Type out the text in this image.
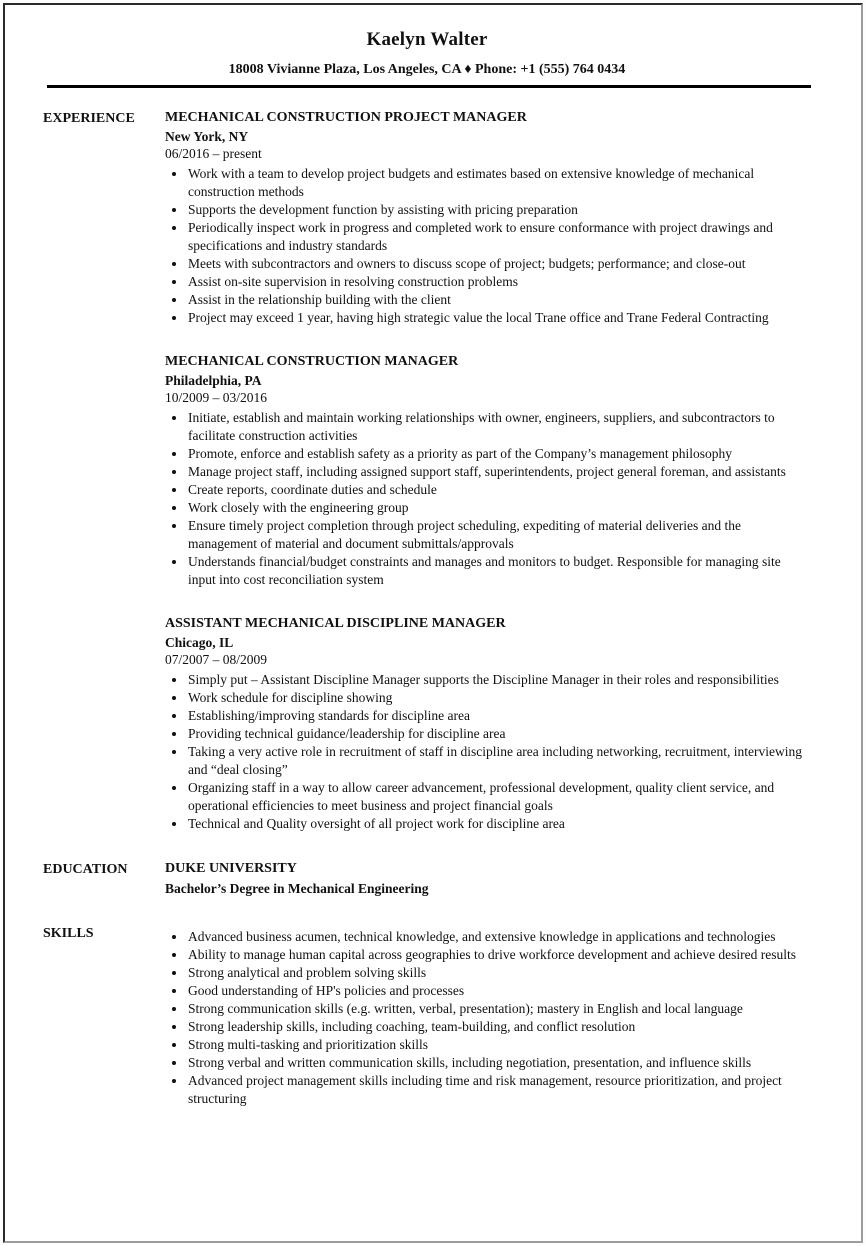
Kaelyn Walter
18008 Vivianne Plaza, Los Angeles, CA ♦ Phone: +1 (555) 764 0434
EXPERIENCE	MECHANICAL CONSTRUCTION PROJECT MANAGER
New York, NY
06/2016 – present
• Work with a team to develop project budgets and estimates based on extensive knowledge of mechanical construction methods
• Supports the development function by assisting with pricing preparation
• Periodically inspect work in progress and completed work to ensure conformance with project drawings and specifications and industry standards
• Meets with subcontractors and owners to discuss scope of project; budgets; performance; and close-out
• Assist on-site supervision in resolving construction problems
• Assist in the relationship building with the client
• Project may exceed 1 year, having high strategic value the local Trane office and Trane Federal Contracting
MECHANICAL CONSTRUCTION MANAGER
Philadelphia, PA
10/2009 – 03/2016
• Initiate, establish and maintain working relationships with owner, engineers, suppliers, and subcontractors to facilitate construction activities
• Promote, enforce and establish safety as a priority as part of the Company’s management philosophy
• Manage project staff, including assigned support staff, superintendents, project general foreman, and assistants
• Create reports, coordinate duties and schedule
• Work closely with the engineering group
• Ensure timely project completion through project scheduling, expediting of material deliveries and the management of material and document submittals/approvals
• Understands financial/budget constraints and manages and monitors to budget. Responsible for managing site input into cost reconciliation system
ASSISTANT MECHANICAL DISCIPLINE MANAGER
Chicago, IL
07/2007 – 08/2009
• Simply put – Assistant Discipline Manager supports the Discipline Manager in their roles and responsibilities
• Work schedule for discipline showing
• Establishing/improving standards for discipline area
• Providing technical guidance/leadership for discipline area
• Taking a very active role in recruitment of staff in discipline area including networking, recruitment, interviewing and “deal closing”
• Organizing staff in a way to allow career advancement, professional development, quality client service, and operational efficiencies to meet business and project financial goals
• Technical and Quality oversight of all project work for discipline area
EDUCATION	DUKE UNIVERSITY
Bachelor’s Degree in Mechanical Engineering
SKILLS	• Advanced business acumen, technical knowledge, and extensive knowledge in applications and technologies
• Ability to manage human capital across geographies to drive workforce development and achieve desired results
• Strong analytical and problem solving skills
• Good understanding of HP's policies and processes
• Strong communication skills (e.g. written, verbal, presentation); mastery in English and local language
• Strong leadership skills, including coaching, team-building, and conflict resolution
• Strong multi-tasking and prioritization skills
• Strong verbal and written communication skills, including negotiation, presentation, and influence skills
• Advanced project management skills including time and risk management, resource prioritization, and project structuring
